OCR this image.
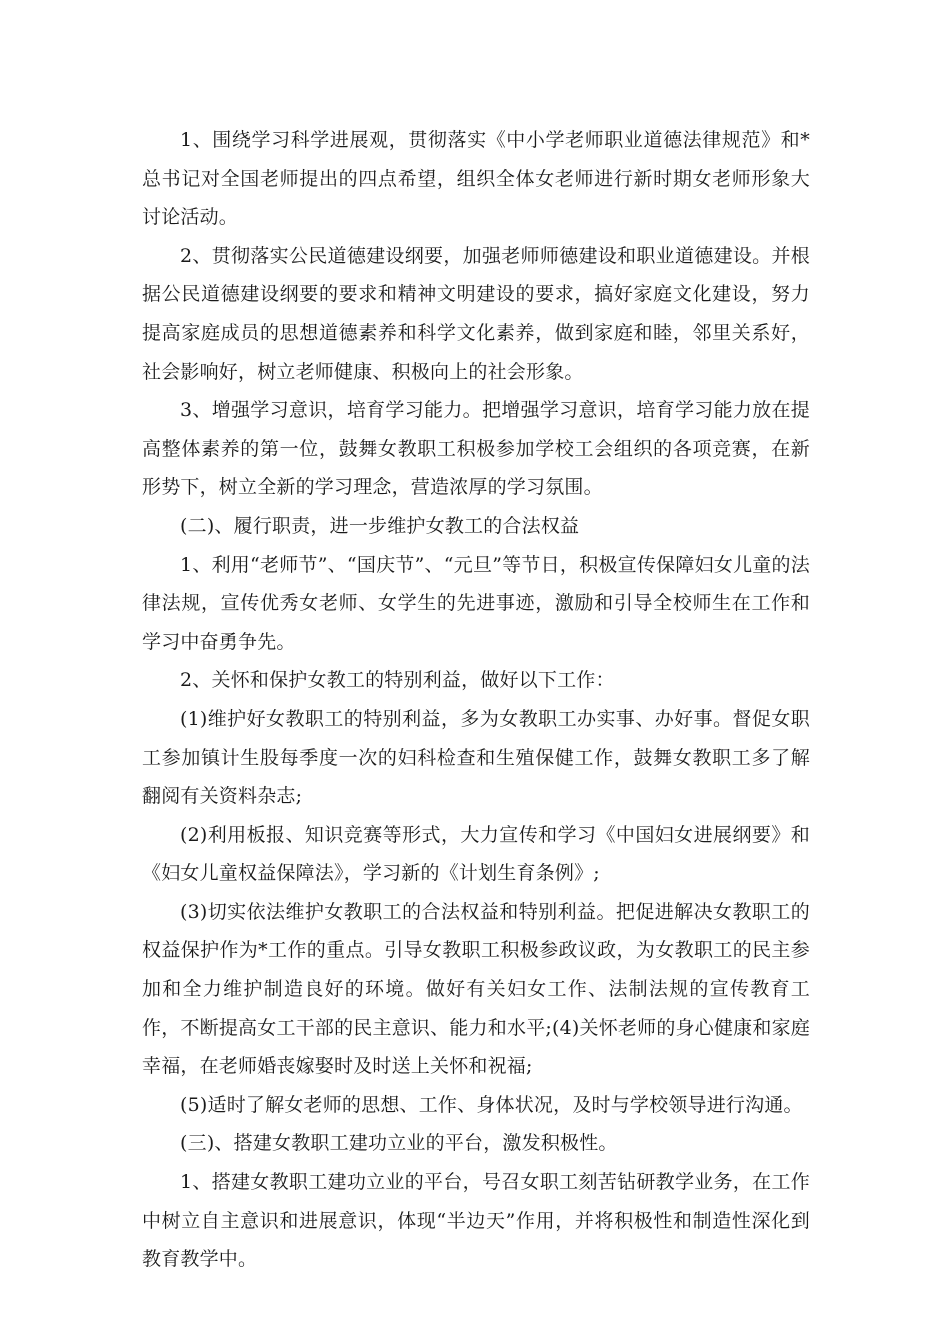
1、围绕学习科学进展观，贯彻落实《中小学老师职业道德法律规范》和*总书记对全国老师提出的四点希望，组织全体女老师进行新时期女老师形象大讨论活动。

2、贯彻落实公民道德建设纲要，加强老师师德建设和职业道德建设。并根据公民道德建设纲要的要求和精神文明建设的要求，搞好家庭文化建设，努力提高家庭成员的思想道德素养和科学文化素养，做到家庭和睦，邻里关系好，社会影响好，树立老师健康、积极向上的社会形象。

3、增强学习意识，培育学习能力。把增强学习意识，培育学习能力放在提高整体素养的第一位，鼓舞女教职工积极参加学校工会组织的各项竞赛，在新形势下，树立全新的学习理念，营造浓厚的学习氛围。

(二)、履行职责，进一步维护女教工的合法权益

1、利用“老师节”、“国庆节”、“元旦”等节日，积极宣传保障妇女儿童的法律法规，宣传优秀女老师、女学生的先进事迹，激励和引导全校师生在工作和学习中奋勇争先。

2、关怀和保护女教工的特别利益，做好以下工作：

(1)维护好女教职工的特别利益，多为女教职工办实事、办好事。督促女职工参加镇计生股每季度一次的妇科检查和生殖保健工作，鼓舞女教职工多了解翻阅有关资料杂志;

(2)利用板报、知识竞赛等形式，大力宣传和学习《中国妇女进展纲要》和《妇女儿童权益保障法》，学习新的《计划生育条例》;

(3)切实依法维护女教职工的合法权益和特别利益。把促进解决女教职工的权益保护作为*工作的重点。引导女教职工积极参政议政，为女教职工的民主参加和全力维护制造良好的环境。做好有关妇女工作、法制法规的宣传教育工作，不断提高女工干部的民主意识、能力和水平;(4)关怀老师的身心健康和家庭幸福，在老师婚丧嫁娶时及时送上关怀和祝福;

(5)适时了解女老师的思想、工作、身体状况，及时与学校领导进行沟通。

(三)、搭建女教职工建功立业的平台，激发积极性。

1、搭建女教职工建功立业的平台，号召女职工刻苦钻研教学业务，在工作中树立自主意识和进展意识，体现“半边天”作用，并将积极性和制造性深化到教育教学中。
